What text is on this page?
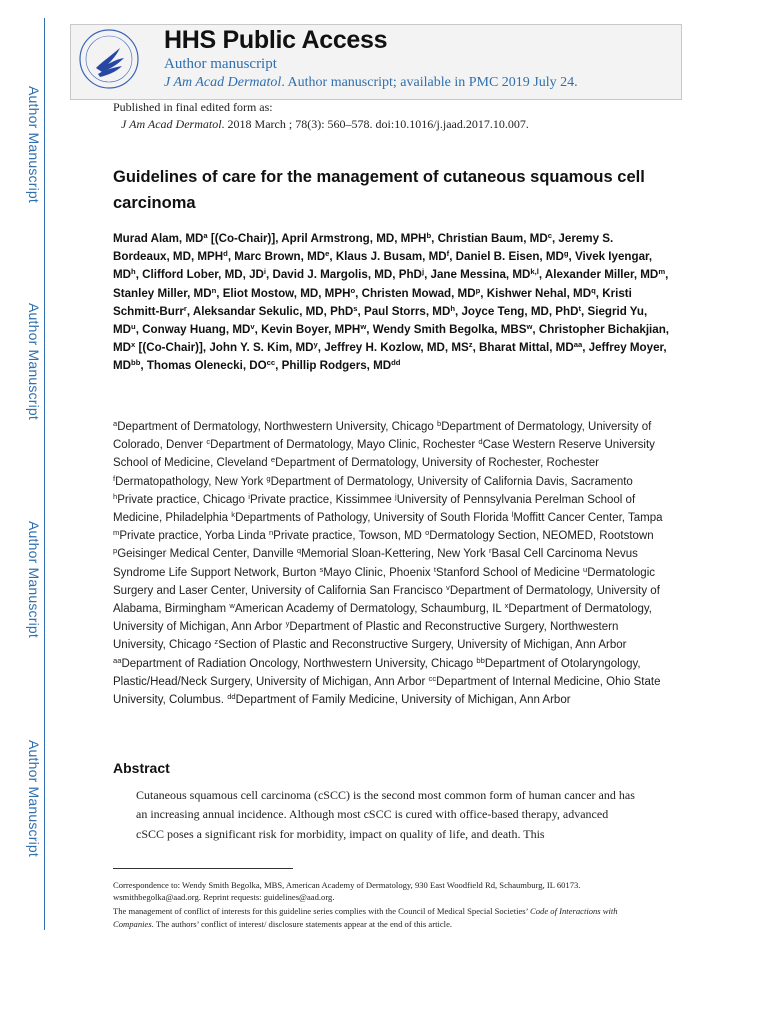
Author Manuscript
Author Manuscript
Author Manuscript
Author Manuscript
HHS Public Access
Author manuscript
J Am Acad Dermatol. Author manuscript; available in PMC 2019 July 24.
Published in final edited form as:
J Am Acad Dermatol. 2018 March ; 78(3): 560–578. doi:10.1016/j.jaad.2017.10.007.
Guidelines of care for the management of cutaneous squamous cell carcinoma
Murad Alam, $MD^a$ [(Co-Chair)], April Armstrong, MD, MPH$^b$, Christian Baum, $MD^c$, Jeremy S. Bordeaux, MD, MPH$^d$, Marc Brown, MDe, Klaus J. Busam, $MD^f$, Daniel B. Eisen, $MD^g$, Vivek Iyengar, $MD^h$, Clifford Lober, MD, $JD^i$, David J. Margolis, MD, PhD$^j$, Jane Messina, MD$^{k,l}$, Alexander Miller, $MD^m$, Stanley Miller, $MD^n$, Eliot Mostow, MD, MPH$^o$, Christen Mowad, $MD^p$, Kishwer Nehal, $MD^q$, Kristi Schmitt-Burr$^r$, Aleksandar Sekulic, MD, PhD$^s$, Paul Storrs, $MD^h$, Joyce Teng, MD, PhD$^t$, Siegrid Yu, $MD^u$, Conway Huang, $MD^v$, Kevin Boyer, MPH$^w$, Wendy Smith Begolka, MBS$^w$, Christopher Bichakjian, $MD^x$ [(Co-Chair)], John Y. S. Kim, $MD^y$, Jeffrey H. Kozlow, MD, $MS^z$, Bharat Mittal, $MD^{aa}$, Jeffrey Moyer, $MD^{bb}$, Thomas Olenecki, $DO^{cc}$, Phillip Rodgers, $MD^{dd}$
$^a$Department of Dermatology, Northwestern University, Chicago $^b$Department of Dermatology, University of Colorado, Denver $^c$Department of Dermatology, Mayo Clinic, Rochester $^d$Case Western Reserve University School of Medicine, Cleveland $^e$Department of Dermatology, University of Rochester, Rochester $^f$Dermatopathology, New York $^g$Department of Dermatology, University of California Davis, Sacramento $^h$Private practice, Chicago $^i$Private practice, Kissimmee $^j$University of Pennsylvania Perelman School of Medicine, Philadelphia $^k$Departments of Pathology, University of South Florida $^l$Moffitt Cancer Center, Tampa $^m$Private practice, Yorba Linda $^n$Private practice, Towson, MD $^o$Dermatology Section, NEOMED, Rootstown $^p$Geisinger Medical Center, Danville $^q$Memorial Sloan-Kettering, New York $^r$Basal Cell Carcinoma Nevus Syndrome Life Support Network, Burton $^s$Mayo Clinic, Phoenix $^t$Stanford School of Medicine $^u$Dermatologic Surgery and Laser Center, University of California San Francisco $^v$Department of Dermatology, University of Alabama, Birmingham $^w$American Academy of Dermatology, Schaumburg, IL $^x$Department of Dermatology, University of Michigan, Ann Arbor $^y$Department of Plastic and Reconstructive Surgery, Northwestern University, Chicago $^z$Section of Plastic and Reconstructive Surgery, University of Michigan, Ann Arbor $^{aa}$Department of Radiation Oncology, Northwestern University, Chicago $^{bb}$Department of Otolaryngology, Plastic/Head/Neck Surgery, University of Michigan, Ann Arbor $^{cc}$Department of Internal Medicine, Ohio State University, Columbus. $^{dd}$Department of Family Medicine, University of Michigan, Ann Arbor
Abstract
Cutaneous squamous cell carcinoma (cSCC) is the second most common form of human cancer and has an increasing annual incidence. Although most cSCC is cured with office-based therapy, advanced cSCC poses a significant risk for morbidity, impact on quality of life, and death. This

Correspondence to: Wendy Smith Begolka, MBS, American Academy of Dermatology, 930 East Woodfield Rd, Schaumburg, IL 60173. wsmithbegolka@aad.org. Reprint requests: guidelines@aad.org.

The management of conflict of interests for this guideline series complies with the Council of Medical Special Societies’ Code of Interactions with Companies. The authors’ conflict of interest/ disclosure statements appear at the end of this article.
